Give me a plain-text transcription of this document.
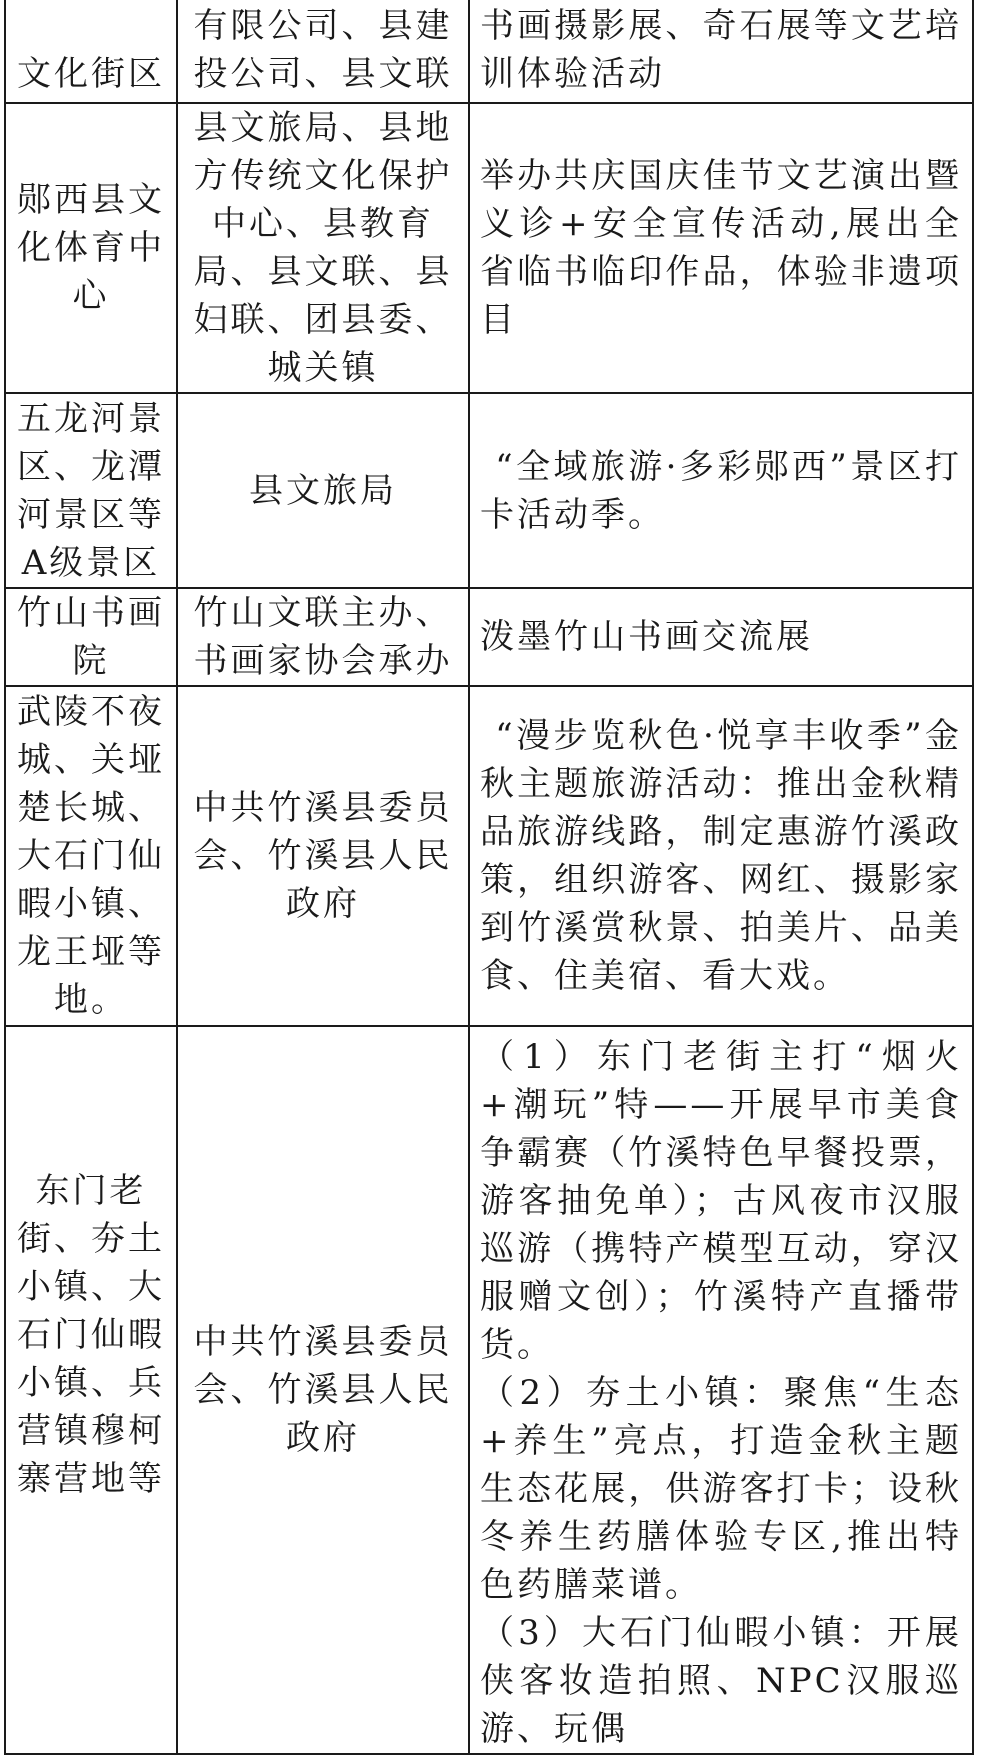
文化街区	有限公司、县建投公司、县文联	书画摄影展、奇石展等文艺培训体验活动

郧西县文化体育中心	县文旅局、县地方传统文化保护中心、县教育局、县文联、县妇联、团县委、城关镇	举办共庆国庆佳节文艺演出暨义诊+安全宣传活动,展出全省临书临印作品，体验非遗项目

五龙河景区、龙潭河景区等A级景区	县文旅局	“全域旅游·多彩郧西”景区打卡活动季。

竹山书画院	竹山文联主办、书画家协会承办	泼墨竹山书画交流展

武陵不夜城、关垭楚长城、大石门仙暇小镇、龙王垭等地。	中共竹溪县委员会、竹溪县人民政府	“漫步览秋色·悦享丰收季”金秋主题旅游活动：推出金秋精品旅游线路，制定惠游竹溪政策，组织游客、网红、摄影家到竹溪赏秋景、拍美片、品美食、住美宿、看大戏。

东门老街、夯土小镇、大石门仙暇小镇、兵营镇穆柯寨营地等	中共竹溪县委员会、竹溪县人民政府	（1）东门老街主打“烟火+潮玩”特——开展早市美食争霸赛（竹溪特色早餐投票，游客抽免单）；古风夜市汉服巡游（携特产模型互动，穿汉服赠文创）；竹溪特产直播带货。

（2）夯土小镇：聚焦“生态+养生”亮点，打造金秋主题生态花展，供游客打卡；设秋冬养生药膳体验专区,推出特色药膳菜谱。

（3）大石门仙暇小镇：开展侠客妆造拍照、NPC汉服巡游、玩偶
